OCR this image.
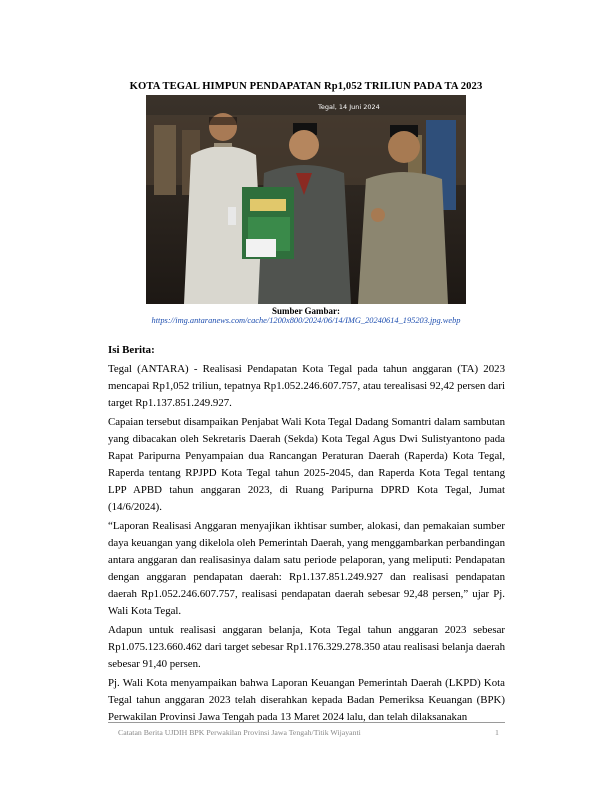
KOTA TEGAL HIMPUN PENDAPATAN Rp1,052 TRILIUN PADA TA 2023
Tegal, 14 Juni 2024
Sumber Gambar:
https://img.antaranews.com/cache/1200x800/2024/06/14/IMG_20240614_195203.jpg.webp
Isi Berita:

Tegal (ANTARA) - Realisasi Pendapatan Kota Tegal pada tahun anggaran (TA) 2023 mencapai Rp1,052 triliun, tepatnya Rp1.052.246.607.757, atau terealisasi 92,42 persen dari target Rp1.137.851.249.927.

Capaian tersebut disampaikan Penjabat Wali Kota Tegal Dadang Somantri dalam sambutan yang dibacakan oleh Sekretaris Daerah (Sekda) Kota Tegal Agus Dwi Sulistyantono pada Rapat Paripurna Penyampaian dua Rancangan Peraturan Daerah (Raperda) Kota Tegal, Raperda tentang RPJPD Kota Tegal tahun 2025-2045, dan Raperda Kota Tegal tentang LPP APBD tahun anggaran 2023, di Ruang Paripurna DPRD Kota Tegal, Jumat (14/6/2024).

“Laporan Realisasi Anggaran menyajikan ikhtisar sumber, alokasi, dan pemakaian sumber daya keuangan yang dikelola oleh Pemerintah Daerah, yang menggambarkan perbandingan antara anggaran dan realisasinya dalam satu periode pelaporan, yang meliputi: Pendapatan dengan anggaran pendapatan daerah: Rp1.137.851.249.927 dan realisasi pendapatan daerah Rp1.052.246.607.757, realisasi pendapatan daerah sebesar 92,48 persen,” ujar Pj. Wali Kota Tegal.

Adapun untuk realisasi anggaran belanja, Kota Tegal tahun anggaran 2023 sebesar Rp1.075.123.660.462 dari target sebesar Rp1.176.329.278.350 atau realisasi belanja daerah sebesar 91,40 persen.

Pj. Wali Kota menyampaikan bahwa Laporan Keuangan Pemerintah Daerah (LKPD) Kota Tegal tahun anggaran 2023 telah diserahkan kepada Badan Pemeriksa Keuangan (BPK) Perwakilan Provinsi Jawa Tengah pada 13 Maret 2024 lalu, dan telah dilaksanakan

Catatan Berita UJDIH BPK Perwakilan Provinsi Jawa Tengah/Titik Wijayanti	1
